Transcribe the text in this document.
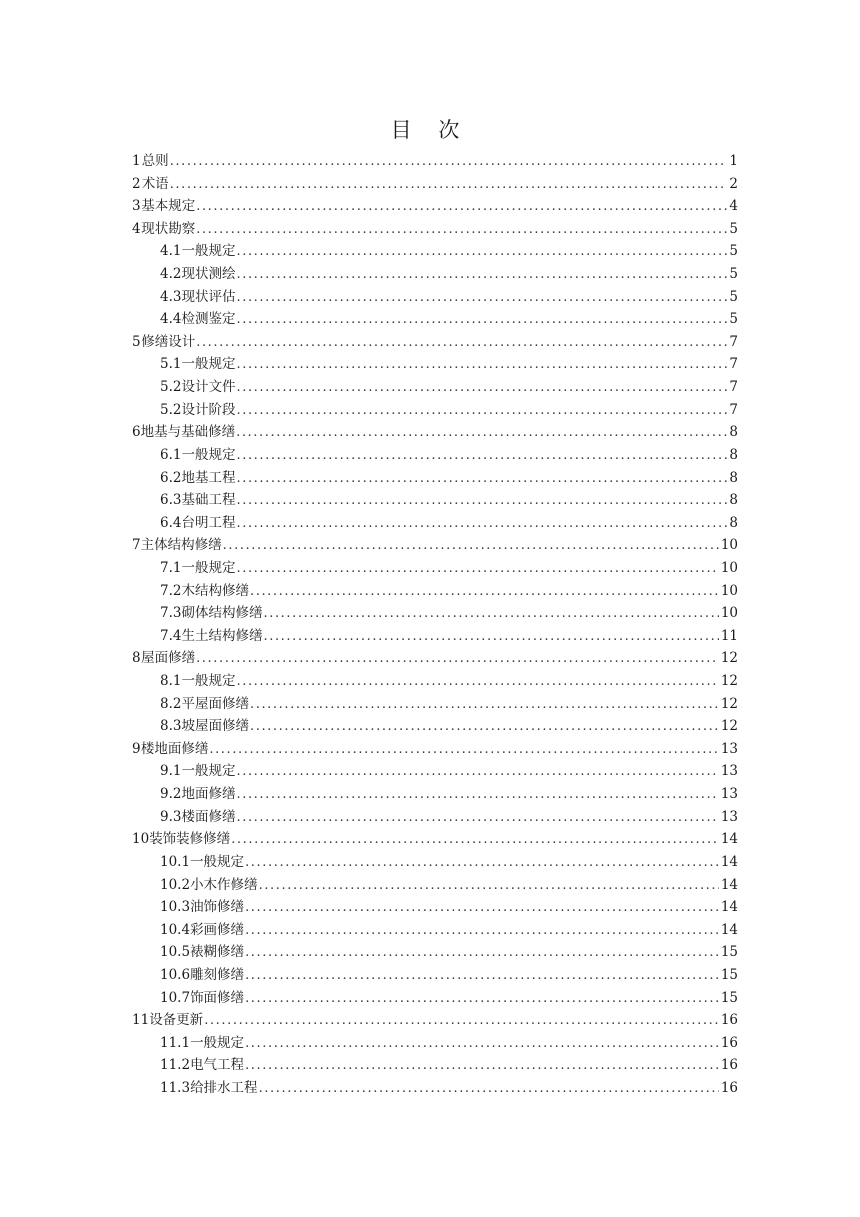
目 次
1 总则 .....	1
2 术语 .....	2
3 基本规定 .....	4
4 现状勘察 .....	5
4.1 一般规定 .....	5
4.2 现状测绘 .....	5
4.3 现状评估 .....	5
4.4 检测鉴定 .....	5
5 修缮设计 .....	7
5.1 一般规定 .....	7
5.2 设计文件 .....	7
5.2 设计阶段 .....	7
6 地基与基础修缮 .....	8
6.1 一般规定 .....	8
6.2 地基工程 .....	8
6.3 基础工程 .....	8
6.4 台明工程 .....	8
7 主体结构修缮 .....	10
7.1 一般规定 .....	10
7.2 木结构修缮 .....	10
7.3 砌体结构修缮 .....	10
7.4 生土结构修缮 .....	11
8 屋面修缮 .....	12
8.1 一般规定 .....	12
8.2 平屋面修缮 .....	12
8.3 坡屋面修缮 .....	12
9 楼地面修缮 .....	13
9.1 一般规定 .....	13
9.2 地面修缮 .....	13
9.3 楼面修缮 .....	13
10 装饰装修修缮 .....	14
10.1 一般规定 .....	14
10.2 小木作修缮 .....	14
10.3 油饰修缮 .....	14
10.4 彩画修缮 .....	14
10.5 裱糊修缮 .....	15
10.6 雕刻修缮 .....	15
10.7 饰面修缮 .....	15
11 设备更新 .....	16
11.1 一般规定 .....	16
11.2 电气工程 .....	16
11.3 给排水工程 .....	16
